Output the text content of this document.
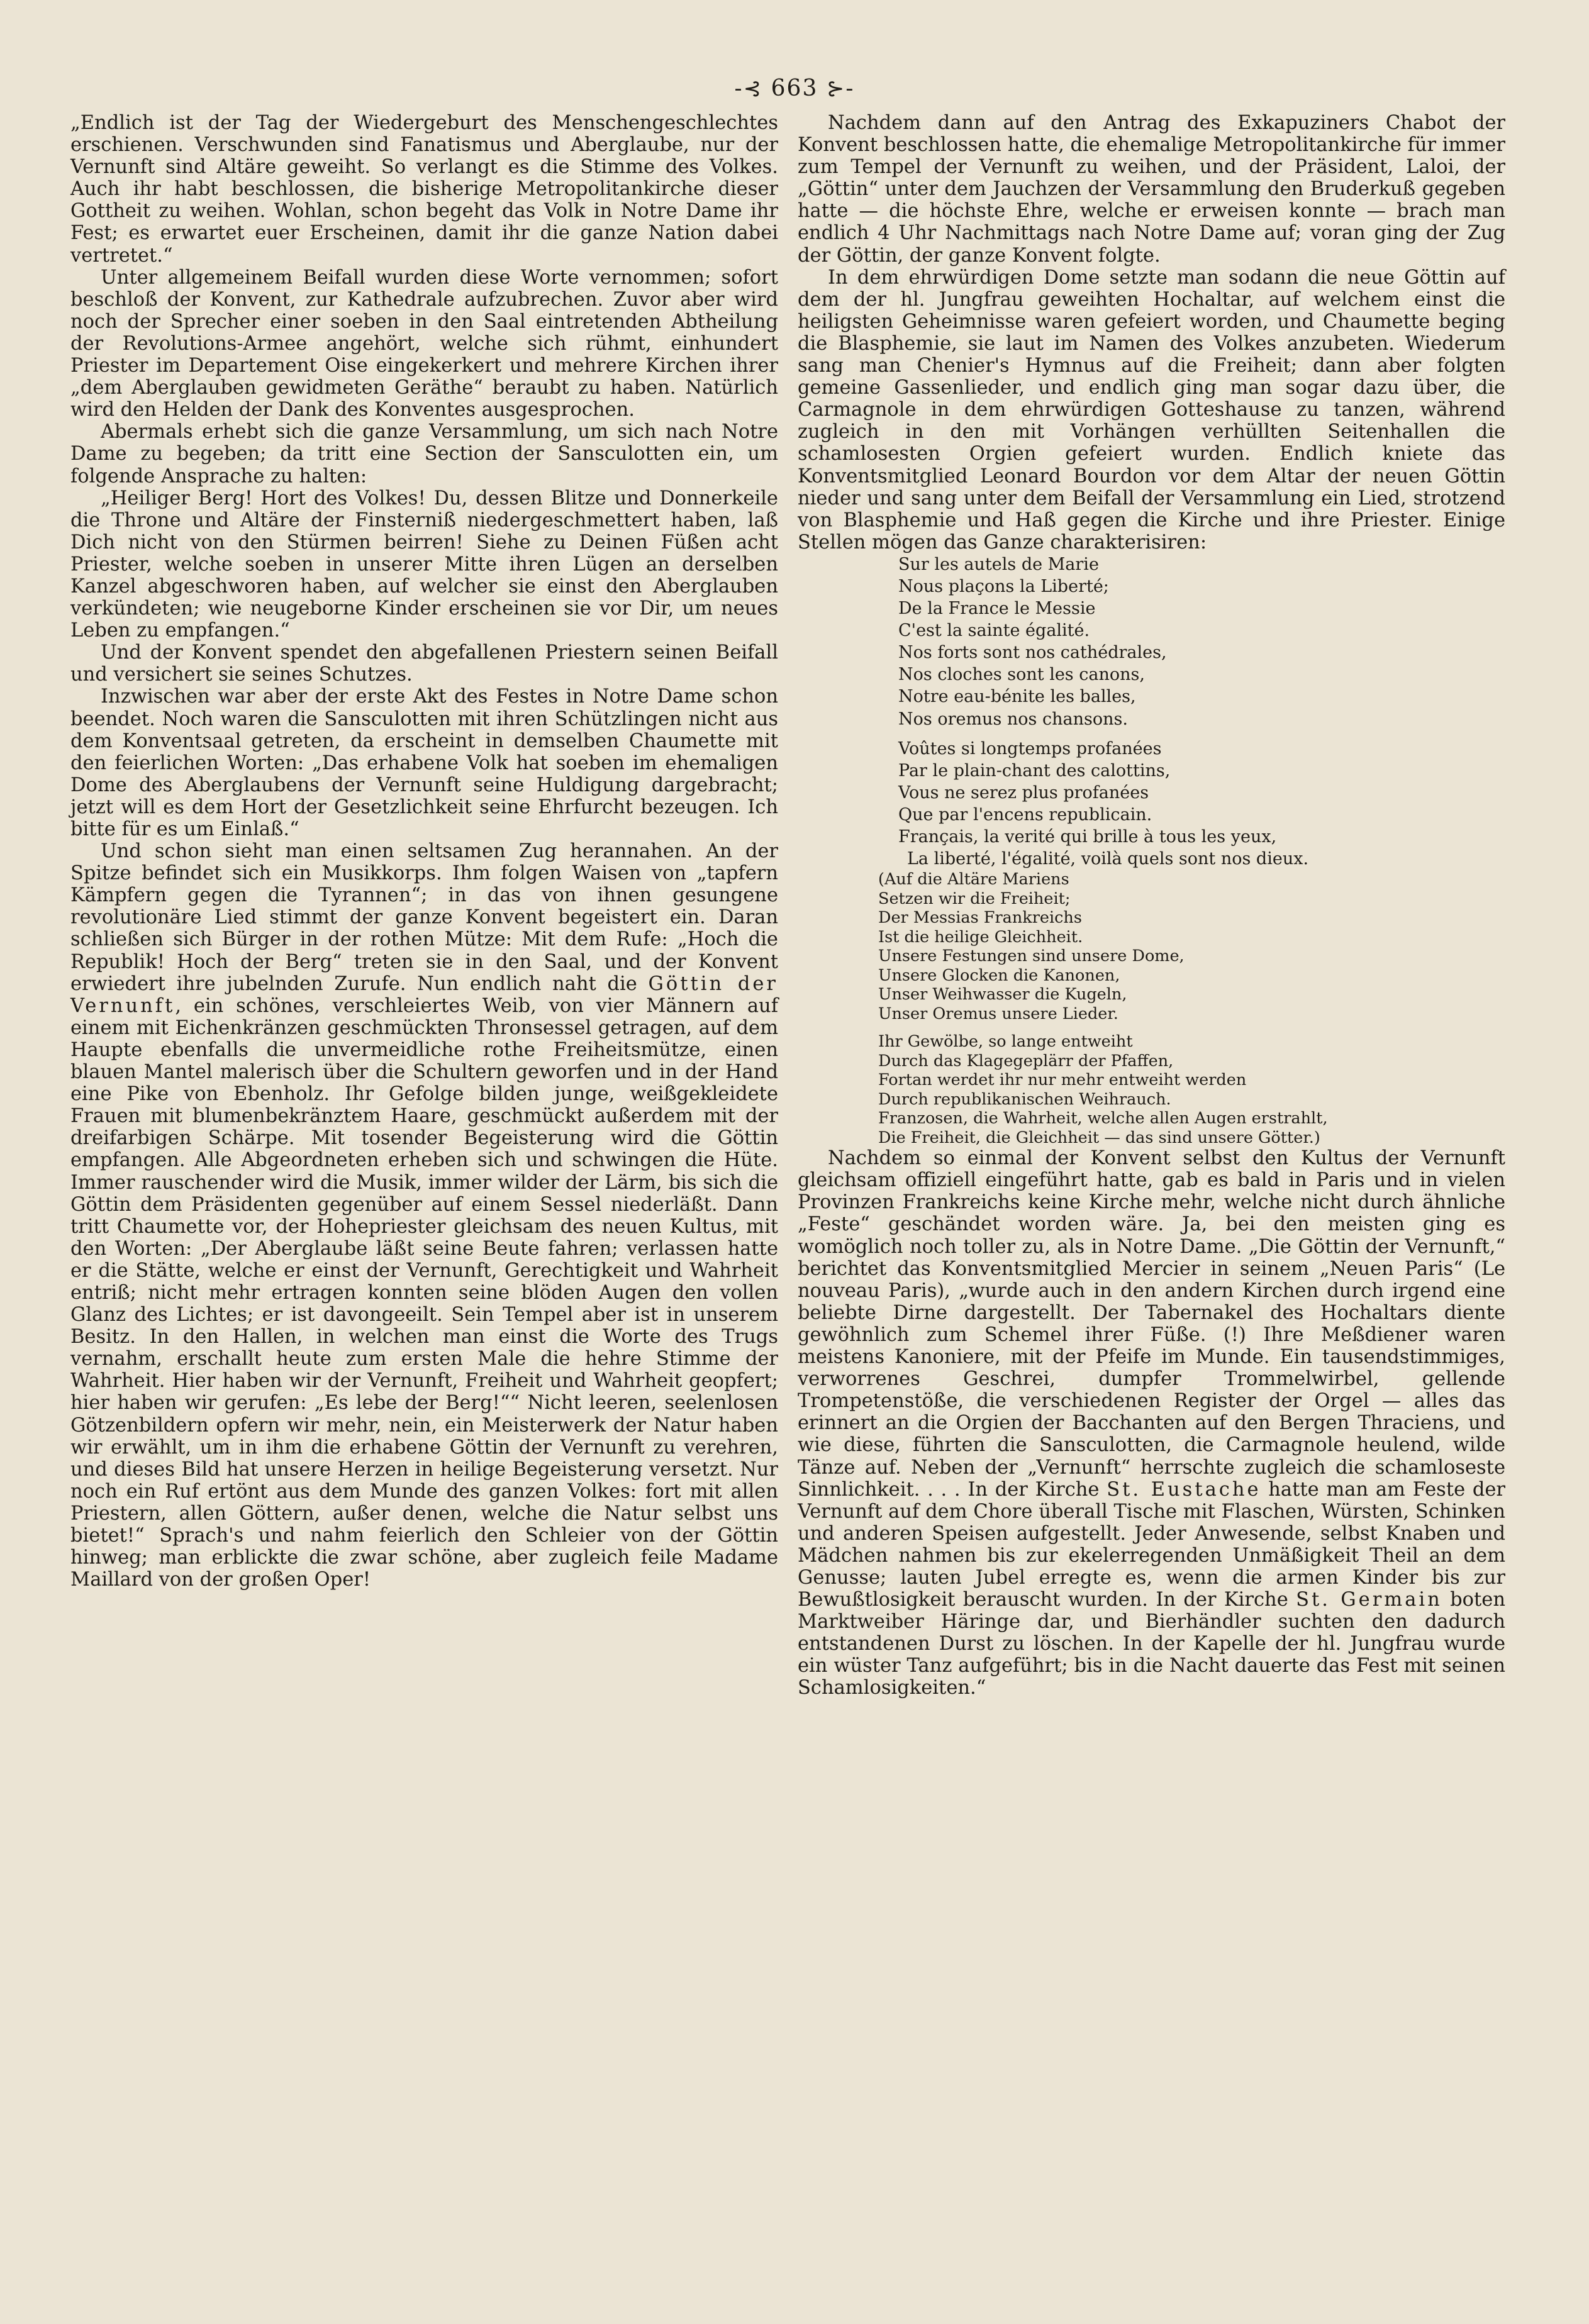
-⊰ 663 ⊱-

„Endlich ist der Tag der Wiedergeburt des Menschengeschlechtes erschienen. Verschwunden sind Fanatismus und Aberglaube, nur der Vernunft sind Altäre geweiht. So verlangt es die Stimme des Volkes. Auch ihr habt beschlossen, die bisherige Metropolitankirche dieser Gottheit zu weihen. Wohlan, schon begeht das Volk in Notre Dame ihr Fest; es erwartet euer Erscheinen, damit ihr die ganze Nation dabei vertretet.“

Unter allgemeinem Beifall wurden diese Worte vernommen; sofort beschloß der Konvent, zur Kathedrale aufzubrechen. Zuvor aber wird noch der Sprecher einer soeben in den Saal eintretenden Abtheilung der Revolutions-Armee angehört, welche sich rühmt, einhundert Priester im Departement Oise eingekerkert und mehrere Kirchen ihrer „dem Aberglauben gewidmeten Geräthe“ beraubt zu haben. Natürlich wird den Helden der Dank des Konventes ausgesprochen.

Abermals erhebt sich die ganze Versammlung, um sich nach Notre Dame zu begeben; da tritt eine Section der Sansculotten ein, um folgende Ansprache zu halten:

„Heiliger Berg! Hort des Volkes! Du, dessen Blitze und Donnerkeile die Throne und Altäre der Finsterniß niedergeschmettert haben, laß Dich nicht von den Stürmen beirren! Siehe zu Deinen Füßen acht Priester, welche soeben in unserer Mitte ihren Lügen an derselben Kanzel abgeschworen haben, auf welcher sie einst den Aberglauben verkündeten; wie neugeborne Kinder erscheinen sie vor Dir, um neues Leben zu empfangen.“

Und der Konvent spendet den abgefallenen Priestern seinen Beifall und versichert sie seines Schutzes.

Inzwischen war aber der erste Akt des Festes in Notre Dame schon beendet. Noch waren die Sansculotten mit ihren Schützlingen nicht aus dem Konventsaal getreten, da erscheint in demselben Chaumette mit den feierlichen Worten: „Das erhabene Volk hat soeben im ehemaligen Dome des Aberglaubens der Vernunft seine Huldigung dargebracht; jetzt will es dem Hort der Gesetzlichkeit seine Ehrfurcht bezeugen. Ich bitte für es um Einlaß.“

Und schon sieht man einen seltsamen Zug herannahen. An der Spitze befindet sich ein Musikkorps. Ihm folgen Waisen von „tapfern Kämpfern gegen die Tyrannen“; in das von ihnen gesungene revolutionäre Lied stimmt der ganze Konvent begeistert ein. Daran schließen sich Bürger in der rothen Mütze: Mit dem Rufe: „Hoch die Republik! Hoch der Berg“ treten sie in den Saal, und der Konvent erwiedert ihre jubelnden Zurufe. Nun endlich naht die Göttin der Vernunft, ein schönes, verschleiertes Weib, von vier Männern auf einem mit Eichenkränzen geschmückten Thronsessel getragen, auf dem Haupte ebenfalls die unvermeidliche rothe Freiheitsmütze, einen blauen Mantel malerisch über die Schultern geworfen und in der Hand eine Pike von Ebenholz. Ihr Gefolge bilden junge, weißgekleidete Frauen mit blumenbekränztem Haare, geschmückt außerdem mit der dreifarbigen Schärpe. Mit tosender Begeisterung wird die Göttin empfangen. Alle Abgeordneten erheben sich und schwingen die Hüte. Immer rauschender wird die Musik, immer wilder der Lärm, bis sich die Göttin dem Präsidenten gegenüber auf einem Sessel niederläßt. Dann tritt Chaumette vor, der Hohepriester gleichsam des neuen Kultus, mit den Worten: „Der Aberglaube läßt seine Beute fahren; verlassen hatte er die Stätte, welche er einst der Vernunft, Gerechtigkeit und Wahrheit entriß; nicht mehr ertragen konnten seine blöden Augen den vollen Glanz des Lichtes; er ist davongeeilt. Sein Tempel aber ist in unserem Besitz. In den Hallen, in welchen man einst die Worte des Trugs vernahm, erschallt heute zum ersten Male die hehre Stimme der Wahrheit. Hier haben wir der Vernunft, Freiheit und Wahrheit geopfert; hier haben wir gerufen: „Es lebe der Berg!““ Nicht leeren, seelenlosen Götzenbildern opfern wir mehr, nein, ein Meisterwerk der Natur haben wir erwählt, um in ihm die erhabene Göttin der Vernunft zu verehren, und dieses Bild hat unsere Herzen in heilige Begeisterung versetzt. Nur noch ein Ruf ertönt aus dem Munde des ganzen Volkes: fort mit allen Priestern, allen Göttern, außer denen, welche die Natur selbst uns bietet!“ Sprach's und nahm feierlich den Schleier von der Göttin hinweg; man erblickte die zwar schöne, aber zugleich feile Madame Maillard von der großen Oper!

Nachdem dann auf den Antrag des Exkapuziners Chabot der Konvent beschlossen hatte, die ehemalige Metropolitankirche für immer zum Tempel der Vernunft zu weihen, und der Präsident, Laloi, der „Göttin“ unter dem Jauchzen der Versammlung den Bruderkuß gegeben hatte — die höchste Ehre, welche er erweisen konnte — brach man endlich 4 Uhr Nachmittags nach Notre Dame auf; voran ging der Zug der Göttin, der ganze Konvent folgte.

In dem ehrwürdigen Dome setzte man sodann die neue Göttin auf dem der hl. Jungfrau geweihten Hochaltar, auf welchem einst die heiligsten Geheimnisse waren gefeiert worden, und Chaumette beging die Blasphemie, sie laut im Namen des Volkes anzubeten. Wiederum sang man Chenier's Hymnus auf die Freiheit; dann aber folgten gemeine Gassenlieder, und endlich ging man sogar dazu über, die Carmagnole in dem ehrwürdigen Gotteshause zu tanzen, während zugleich in den mit Vorhängen verhüllten Seitenhallen die schamlosesten Orgien gefeiert wurden. Endlich kniete das Konventsmitglied Leonard Bourdon vor dem Altar der neuen Göttin nieder und sang unter dem Beifall der Versammlung ein Lied, strotzend von Blasphemie und Haß gegen die Kirche und ihre Priester. Einige Stellen mögen das Ganze charakterisiren:

Sur les autels de Marie
Nous plaçons la Liberté;
De la France le Messie
C'est la sainte égalité.
Nos forts sont nos cathédrales,
Nos cloches sont les canons,
Notre eau-bénite les balles,
Nos oremus nos chansons.
Voûtes si longtemps profanées
Par le plain-chant des calottins,
Vous ne serez plus profanées
Que par l'encens republicain.
Français, la verité qui brille à tous les yeux,
La liberté, l'égalité, voilà quels sont nos dieux.
(Auf die Altäre Mariens
Setzen wir die Freiheit;
Der Messias Frankreichs
Ist die heilige Gleichheit.
Unsere Festungen sind unsere Dome,
Unsere Glocken die Kanonen,
Unser Weihwasser die Kugeln,
Unser Oremus unsere Lieder.
Ihr Gewölbe, so lange entweiht
Durch das Klagegeplärr der Pfaffen,
Fortan werdet ihr nur mehr entweiht werden
Durch republikanischen Weihrauch.
Franzosen, die Wahrheit, welche allen Augen erstrahlt,
Die Freiheit, die Gleichheit — das sind unsere Götter.)

Nachdem so einmal der Konvent selbst den Kultus der Vernunft gleichsam offiziell eingeführt hatte, gab es bald in Paris und in vielen Provinzen Frankreichs keine Kirche mehr, welche nicht durch ähnliche „Feste“ geschändet worden wäre. Ja, bei den meisten ging es womöglich noch toller zu, als in Notre Dame. „Die Göttin der Vernunft,“ berichtet das Konventsmitglied Mercier in seinem „Neuen Paris“ (Le nouveau Paris), „wurde auch in den andern Kirchen durch irgend eine beliebte Dirne dargestellt. Der Tabernakel des Hochaltars diente gewöhnlich zum Schemel ihrer Füße. (!) Ihre Meßdiener waren meistens Kanoniere, mit der Pfeife im Munde. Ein tausendstimmiges, verworrenes Geschrei, dumpfer Trommelwirbel, gellende Trompetenstöße, die verschiedenen Register der Orgel — alles das erinnert an die Orgien der Bacchanten auf den Bergen Thraciens, und wie diese, führten die Sansculotten, die Carmagnole heulend, wilde Tänze auf. Neben der „Vernunft“ herrschte zugleich die schamloseste Sinnlichkeit. . . . In der Kirche St. Eustache hatte man am Feste der Vernunft auf dem Chore überall Tische mit Flaschen, Würsten, Schinken und anderen Speisen aufgestellt. Jeder Anwesende, selbst Knaben und Mädchen nahmen bis zur ekelerregenden Unmäßigkeit Theil an dem Genusse; lauten Jubel erregte es, wenn die armen Kinder bis zur Bewußtlosigkeit berauscht wurden. In der Kirche St. Germain boten Marktweiber Häringe dar, und Bierhändler suchten den dadurch entstandenen Durst zu löschen. In der Kapelle der hl. Jungfrau wurde ein wüster Tanz aufgeführt; bis in die Nacht dauerte das Fest mit seinen Schamlosigkeiten.“
